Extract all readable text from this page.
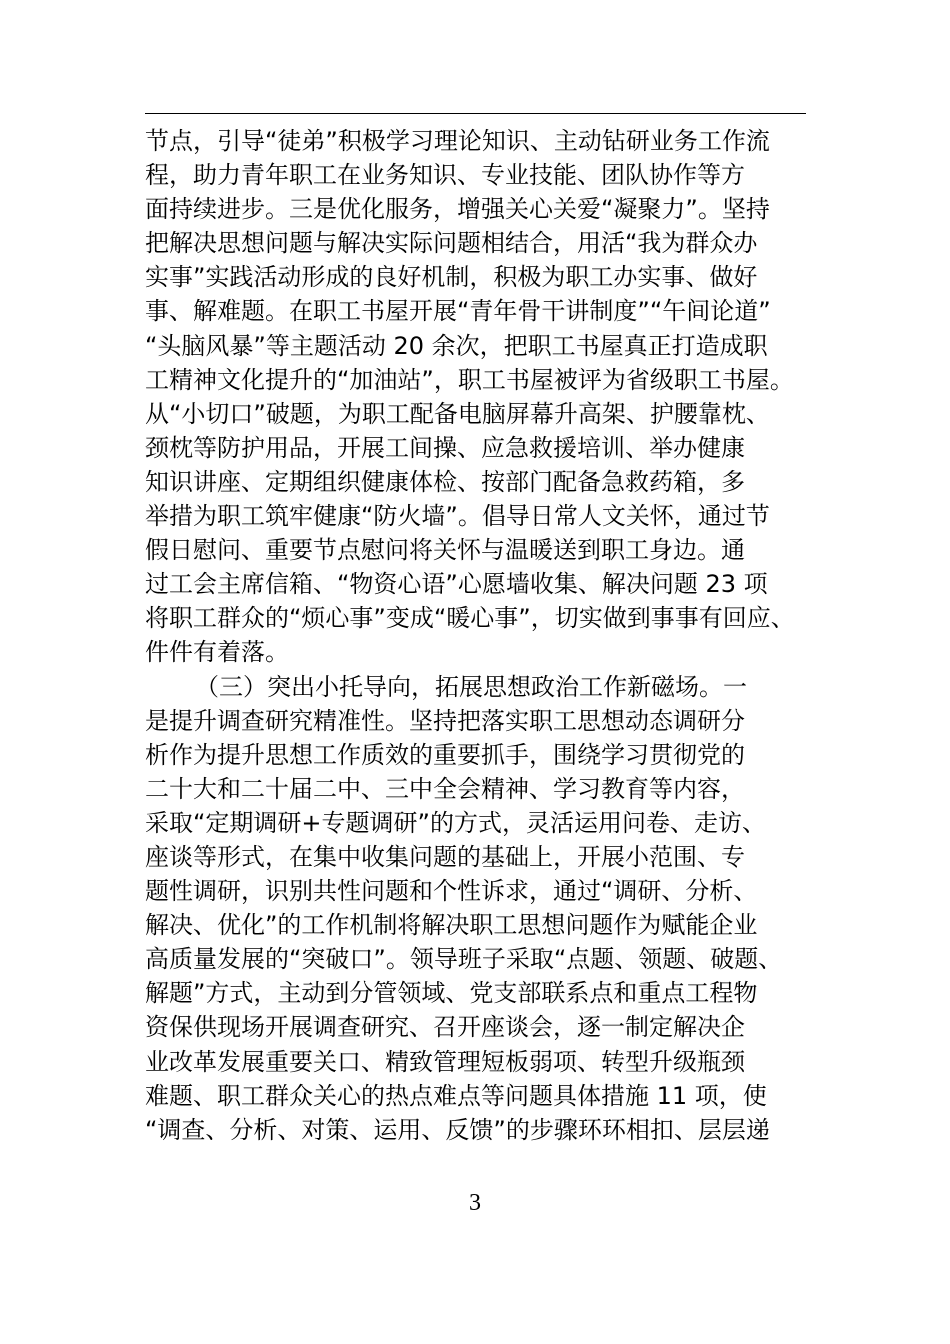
节点，引导“徒弟”积极学习理论知识、主动钻研业务工作流
程，助力青年职工在业务知识、专业技能、团队协作等方
面持续进步。三是优化服务，增强关心关爱“凝聚力”。坚持
把解决思想问题与解决实际问题相结合，用活“我为群众办
实事”实践活动形成的良好机制，积极为职工办实事、做好
事、解难题。在职工书屋开展“青年骨干讲制度”“午间论道”
“头脑风暴”等主题活动 20 余次，把职工书屋真正打造成职
工精神文化提升的“加油站”，职工书屋被评为省级职工书屋。
从“小切口”破题，为职工配备电脑屏幕升高架、护腰靠枕、
颈枕等防护用品，开展工间操、应急救援培训、举办健康
知识讲座、定期组织健康体检、按部门配备急救药箱，多
举措为职工筑牢健康“防火墙”。倡导日常人文关怀，通过节
假日慰问、重要节点慰问将关怀与温暖送到职工身边。通
过工会主席信箱、“物资心语”心愿墙收集、解决问题 23 项
将职工群众的“烦心事”变成“暖心事”，切实做到事事有回应、
件件有着落。
（三）突出小托导向，拓展思想政治工作新磁场。一
是提升调查研究精准性。坚持把落实职工思想动态调研分
析作为提升思想工作质效的重要抓手，围绕学习贯彻党的
二十大和二十届二中、三中全会精神、学习教育等内容，
采取“定期调研+专题调研”的方式，灵活运用问卷、走访、
座谈等形式，在集中收集问题的基础上，开展小范围、专
题性调研，识别共性问题和个性诉求，通过“调研、分析、
解决、优化”的工作机制将解决职工思想问题作为赋能企业
高质量发展的“突破口”。领导班子采取“点题、领题、破题、
解题”方式，主动到分管领域、党支部联系点和重点工程物
资保供现场开展调查研究、召开座谈会，逐一制定解决企
业改革发展重要关口、精致管理短板弱项、转型升级瓶颈
难题、职工群众关心的热点难点等问题具体措施 11 项，使
“调查、分析、对策、运用、反馈”的步骤环环相扣、层层递
3
